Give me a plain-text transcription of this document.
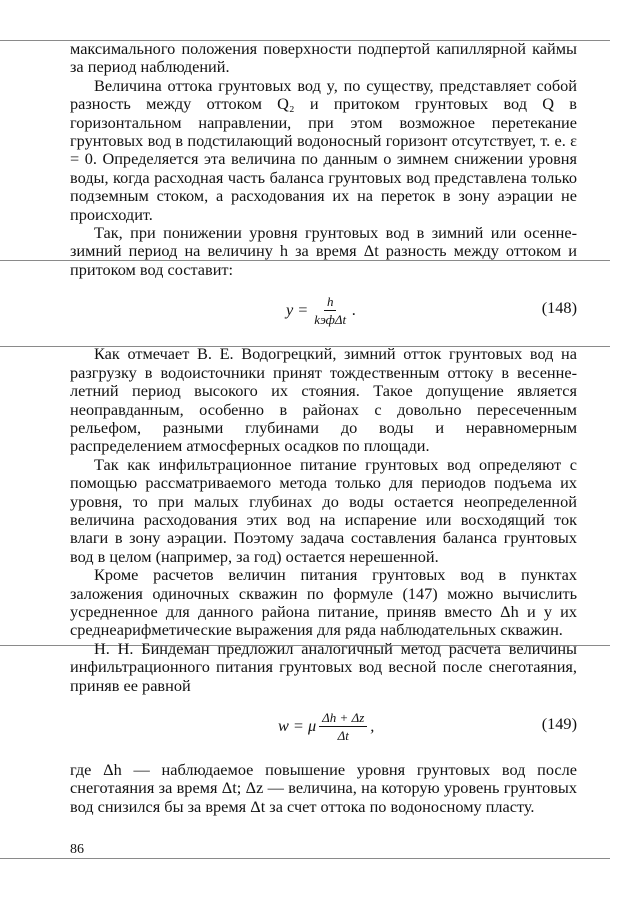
максимального положения поверхности подпертой капиллярной каймы за период наблюдений.

Величина оттока грунтовых вод y, по существу, представляет собой разность между оттоком Q₂ и притоком грунтовых вод Q в горизонтальном направлении, при этом возможное перетекание грунтовых вод в подстилающий водоносный горизонт отсутствует, т. е. ε = 0. Определяется эта величина по данным о зимнем снижении уровня воды, когда расходная часть баланса грунтовых вод представлена только подземным стоком, а расходования их на переток в зону аэрации не происходит.

Так, при понижении уровня грунтовых вод в зимний или осенне-зимний период на величину h за время Δt разность между оттоком и притоком вод составит:

$y = \frac{h}{\text{kэфΔt}}$ .	(148)

Как отмечает В. Е. Водогрецкий, зимний отток грунтовых вод на разгрузку в водоисточники принят тождественным оттоку в весенне-летний период высокого их стояния. Такое допущение является неоправданным, особенно в районах с довольно пересеченным рельефом, разными глубинами до воды и неравномерным распределением атмосферных осадков по площади.

Так как инфильтрационное питание грунтовых вод определяют с помощью рассматриваемого метода только для периодов подъема их уровня, то при малых глубинах до воды остается неопределенной величина расходования этих вод на испарение или восходящий ток влаги в зону аэрации. Поэтому задача составления баланса грунтовых вод в целом (например, за год) остается нерешенной.

Кроме расчетов величин питания грунтовых вод в пунктах заложения одиночных скважин по формуле (147) можно вычислить усредненное для данного района питание, приняв вместо Δh и y их среднеарифметические выражения для ряда наблюдательных скважин.

Н. Н. Биндеман предложил аналогичный метод расчета величины инфильтрационного питания грунтовых вод весной после снеготаяния, приняв ее равной

w = μ $\frac{\Delta h + \Delta z}{\Delta t}$ ,	(149)

где Δh — наблюдаемое повышение уровня грунтовых вод после снеготаяния за время Δt; Δz — величина, на которую уровень грунтовых вод снизился бы за время Δt за счет оттока по водоносному пласту.

86
